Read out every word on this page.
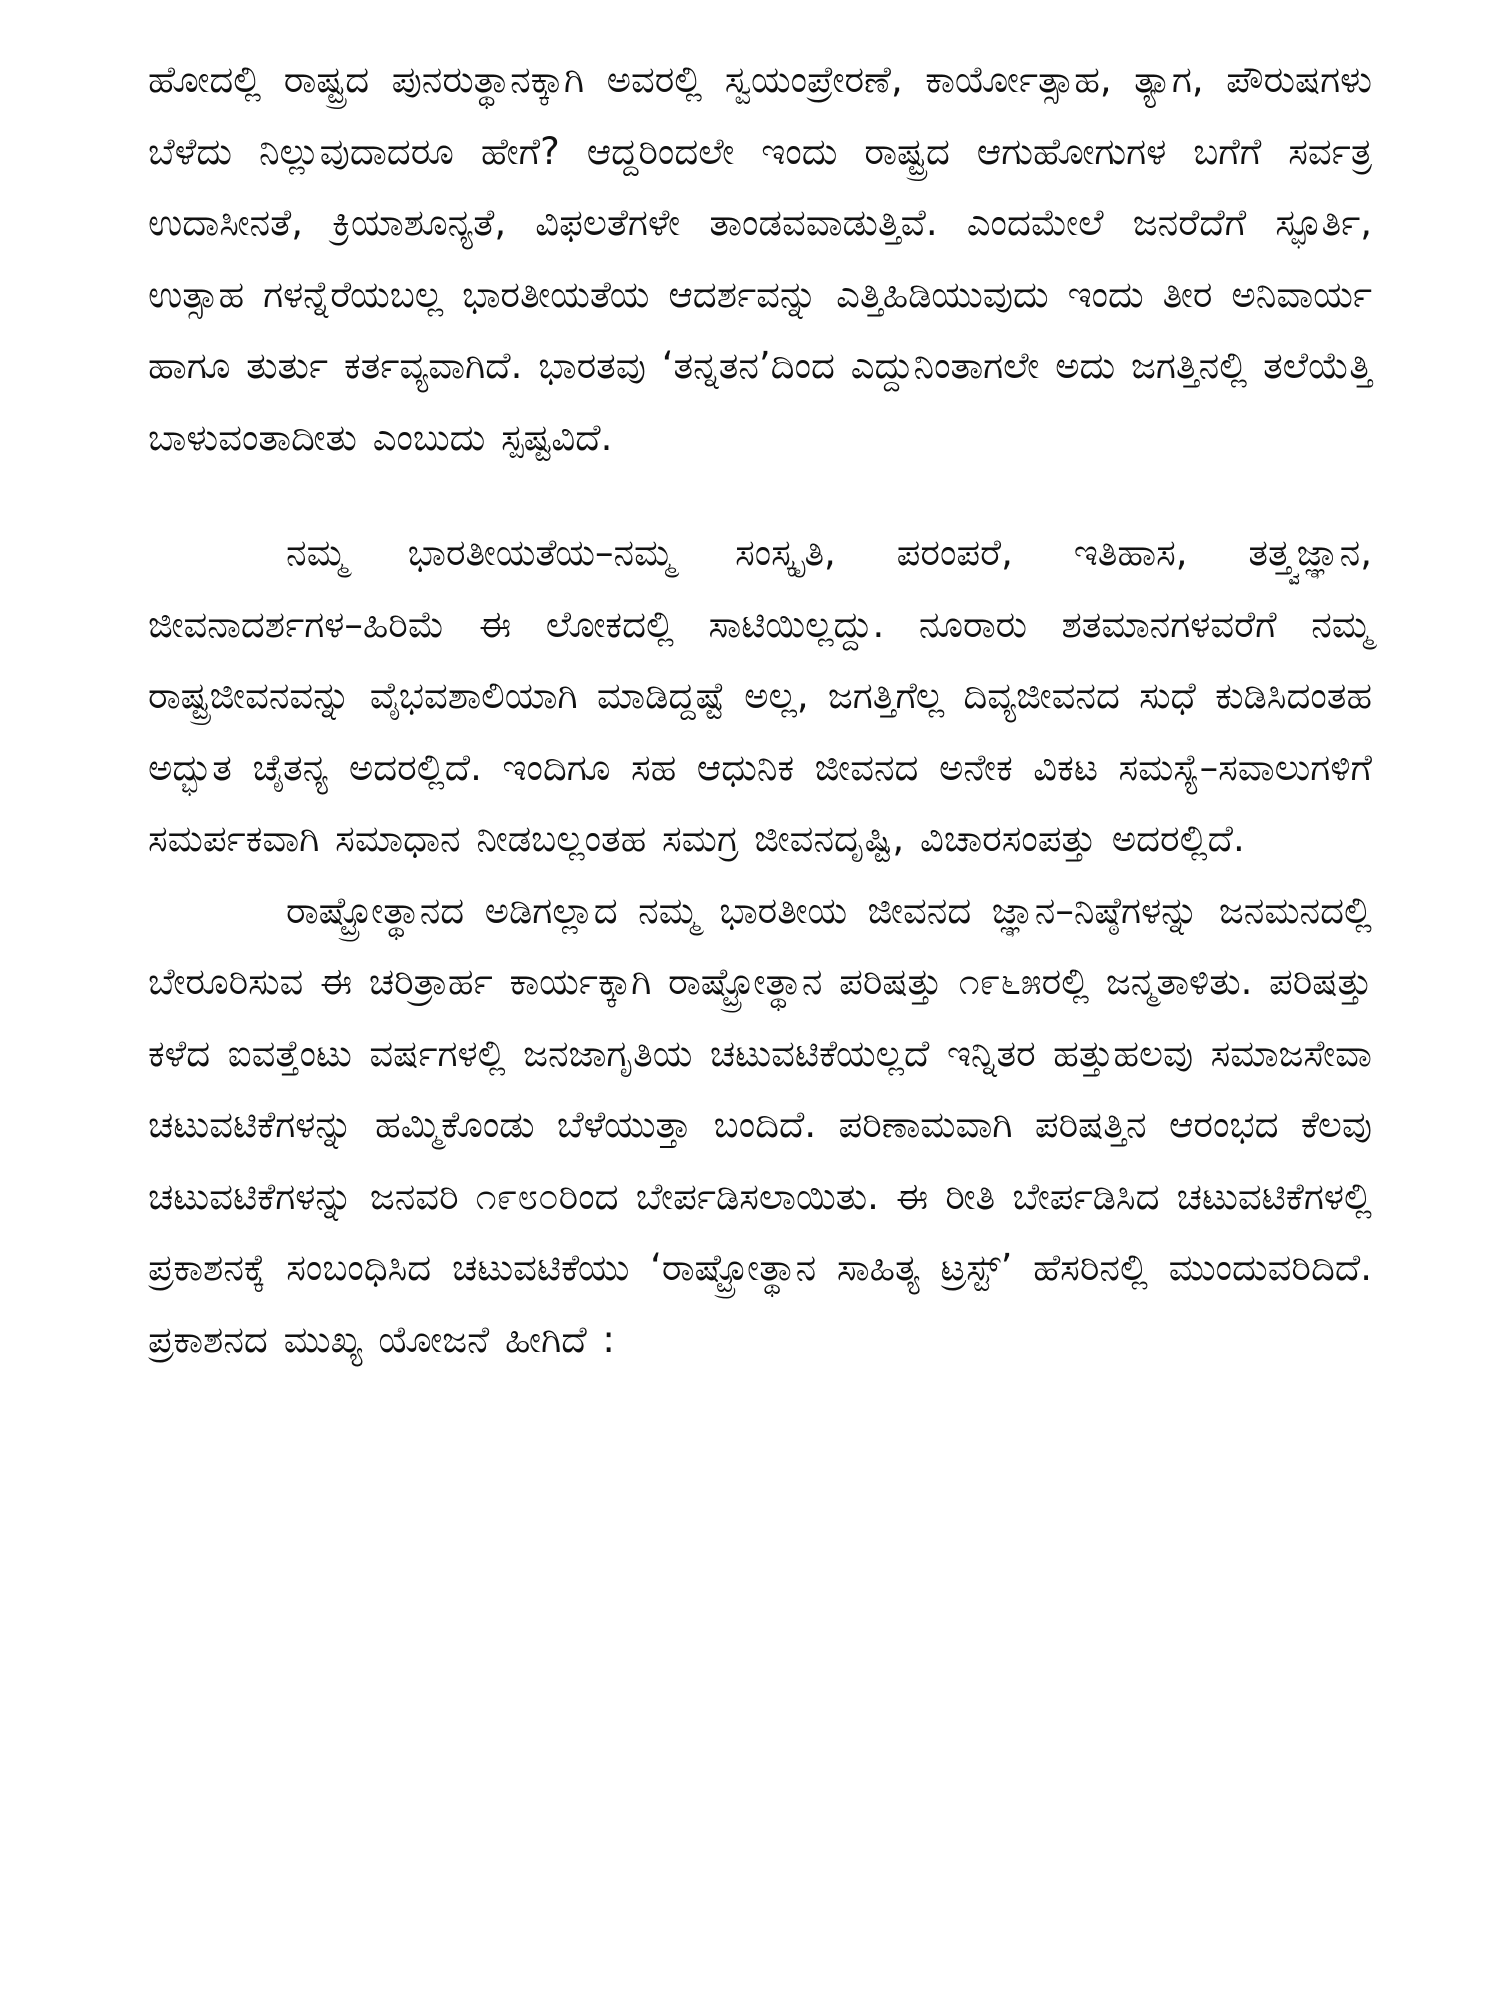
ಹೋದಲ್ಲಿ ರಾಷ್ಟ್ರದ ಪುನರುತ್ಥಾನಕ್ಕಾಗಿ ಅವರಲ್ಲಿ ಸ್ವಯಂಪ್ರೇರಣೆ, ಕಾರ್ಯೋತ್ಸಾಹ, ತ್ಯಾಗ, ಪೌರುಷಗಳು ಬೆಳೆದು ನಿಲ್ಲುವುದಾದರೂ ಹೇಗೆ? ಆದ್ದರಿಂದಲೇ ಇಂದು ರಾಷ್ಟ್ರದ ಆಗುಹೋಗುಗಳ ಬಗೆಗೆ ಸರ್ವತ್ರ ಉದಾಸೀನತೆ, ಕ್ರಿಯಾಶೂನ್ಯತೆ, ವಿಫಲತೆಗಳೇ ತಾಂಡವವಾಡುತ್ತಿವೆ. ಎಂದಮೇಲೆ ಜನರೆದೆಗೆ ಸ್ಫೂರ್ತಿ, ಉತ್ಸಾಹ ಗಳನ್ನೆರೆಯಬಲ್ಲ ಭಾರತೀಯತೆಯ ಆದರ್ಶವನ್ನು ಎತ್ತಿಹಿಡಿಯುವುದು ಇಂದು ತೀರ ಅನಿವಾರ್ಯ ಹಾಗೂ ತುರ್ತು ಕರ್ತವ್ಯವಾಗಿದೆ. ಭಾರತವು ‘ತನ್ನತನ’ದಿಂದ ಎದ್ದುನಿಂತಾಗಲೇ ಅದು ಜಗತ್ತಿನಲ್ಲಿ ತಲೆಯೆತ್ತಿ ಬಾಳುವಂತಾದೀತು ಎಂಬುದು ಸ್ಪಷ್ಟವಿದೆ.

ನಮ್ಮ ಭಾರತೀಯತೆಯ–ನಮ್ಮ ಸಂಸ್ಕೃತಿ, ಪರಂಪರೆ, ಇತಿಹಾಸ, ತತ್ತ್ವಜ್ಞಾನ, ಜೀವನಾದರ್ಶಗಳ–ಹಿರಿಮೆ ಈ ಲೋಕದಲ್ಲಿ ಸಾಟಿಯಿಲ್ಲದ್ದು. ನೂರಾರು ಶತಮಾನಗಳವರೆಗೆ ನಮ್ಮ ರಾಷ್ಟ್ರಜೀವನವನ್ನು ವೈಭವಶಾಲಿಯಾಗಿ ಮಾಡಿದ್ದಷ್ಟೆ ಅಲ್ಲ, ಜಗತ್ತಿಗೆಲ್ಲ ದಿವ್ಯಜೀವನದ ಸುಧೆ ಕುಡಿಸಿದಂತಹ ಅದ್ಭುತ ಚೈತನ್ಯ ಅದರಲ್ಲಿದೆ. ಇಂದಿಗೂ ಸಹ ಆಧುನಿಕ ಜೀವನದ ಅನೇಕ ವಿಕಟ ಸಮಸ್ಯೆ–ಸವಾಲುಗಳಿಗೆ ಸಮರ್ಪಕವಾಗಿ ಸಮಾಧಾನ ನೀಡಬಲ್ಲಂತಹ ಸಮಗ್ರ ಜೀವನದೃಷ್ಟಿ, ವಿಚಾರಸಂಪತ್ತು ಅದರಲ್ಲಿದೆ.

ರಾಷ್ಟ್ರೋತ್ಥಾನದ ಅಡಿಗಲ್ಲಾದ ನಮ್ಮ ಭಾರತೀಯ ಜೀವನದ ಜ್ಞಾನ–ನಿಷ್ಠೆಗಳನ್ನು ಜನಮನದಲ್ಲಿ ಬೇರೂರಿಸುವ ಈ ಚರಿತ್ರಾರ್ಹ ಕಾರ್ಯಕ್ಕಾಗಿ ರಾಷ್ಟ್ರೋತ್ಥಾನ ಪರಿಷತ್ತು ೧೯೬೫ರಲ್ಲಿ ಜನ್ಮತಾಳಿತು. ಪರಿಷತ್ತು ಕಳೆದ ಐವತ್ತೆಂಟು ವರ್ಷಗಳಲ್ಲಿ ಜನಜಾಗೃತಿಯ ಚಟುವಟಿಕೆಯಲ್ಲದೆ ಇನ್ನಿತರ ಹತ್ತುಹಲವು ಸಮಾಜಸೇವಾ ಚಟುವಟಿಕೆಗಳನ್ನು ಹಮ್ಮಿಕೊಂಡು ಬೆಳೆಯುತ್ತಾ ಬಂದಿದೆ. ಪರಿಣಾಮವಾಗಿ ಪರಿಷತ್ತಿನ ಆರಂಭದ ಕೆಲವು ಚಟುವಟಿಕೆಗಳನ್ನು ಜನವರಿ ೧೯೮೦ರಿಂದ ಬೇರ್ಪಡಿಸಲಾಯಿತು. ಈ ರೀತಿ ಬೇರ್ಪಡಿಸಿದ ಚಟುವಟಿಕೆಗಳಲ್ಲಿ ಪ್ರಕಾಶನಕ್ಕೆ ಸಂಬಂಧಿಸಿದ ಚಟುವಟಿಕೆಯು ‘ರಾಷ್ಟ್ರೋತ್ಥಾನ ಸಾಹಿತ್ಯ ಟ್ರಸ್ಟ್’ ಹೆಸರಿನಲ್ಲಿ ಮುಂದುವರಿದಿದೆ. ಪ್ರಕಾಶನದ ಮುಖ್ಯ ಯೋಜನೆ ಹೀಗಿದೆ :
